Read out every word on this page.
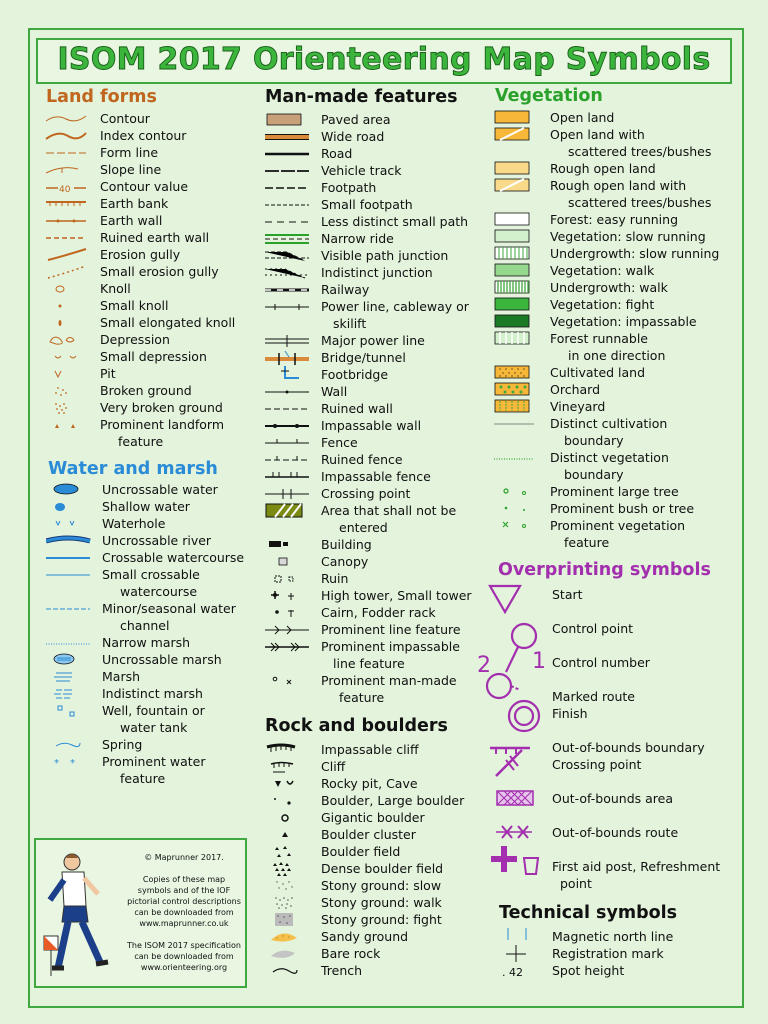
ISOM 2017 Orienteering Map Symbols
Land forms
Contour
Index contour
Form line
Slope line
40 Contour value
Earth bank
Earth wall
Ruined earth wall
Erosion gully
Small erosion gully
Knoll
Small knoll
Small elongated knoll
Depression
Small depression
Pit
Broken ground
Very broken ground
Prominent landform
feature
Water and marsh
Uncrossable water
Shallow water
Waterhole
Uncrossable river
Crossable watercourse
Small crossable
watercourse
Minor/seasonal water
channel
Narrow marsh
Uncrossable marsh
Marsh
Indistinct marsh
Well, fountain or
water tank
Spring
* * Prominent water
feature
© Maprunner 2017.
Copies of these map
symbols and of the IOF
pictorial control descriptions
can be downloaded from
www.maprunner.co.uk
The ISOM 2017 specification
can be downloaded from
www.orienteering.org
Man-made features
Paved area
Wide road
Road
Vehicle track
Footpath
Small footpath
Less distinct small path
Narrow ride
Visible path junction
Indistinct junction
Railway
Power line, cableway or
skilift
Major power line
Bridge/tunnel
Footbridge
Wall
Ruined wall
Impassable wall
Fence
Ruined fence
Impassable fence
Crossing point
Area that shall not be
entered
Building
Canopy
Ruin
High tower, Small tower
Cairn, Fodder rack
Prominent line feature
Prominent impassable
line feature
Prominent man-made
feature
Rock and boulders
Impassable cliff
Cliff
Rocky pit, Cave
Boulder, Large boulder
Gigantic boulder
Boulder cluster
Boulder field
Dense boulder field
Stony ground: slow
Stony ground: walk
Stony ground: fight
Sandy ground
Bare rock
Trench
Vegetation
Open land
Open land with
scattered trees/bushes
Rough open land
Rough open land with
scattered trees/bushes
Forest: easy running
Vegetation: slow running
Undergrowth: slow running
Vegetation: walk
Undergrowth: walk
Vegetation: fight
Vegetation: impassable
Forest runnable
in one direction
Cultivated land
Orchard
Vineyard
Distinct cultivation
boundary
Distinct vegetation
boundary
Prominent large tree
Prominent bush or tree
Prominent vegetation
feature
Overprinting symbols
2 1
Start
Control point
Control number
Marked route
Finish
Out-of-bounds boundary
Crossing point
Out-of-bounds area
Out-of-bounds route
First aid post, Refreshment
point
Technical symbols
Magnetic north line
Registration mark
. 42 Spot height
